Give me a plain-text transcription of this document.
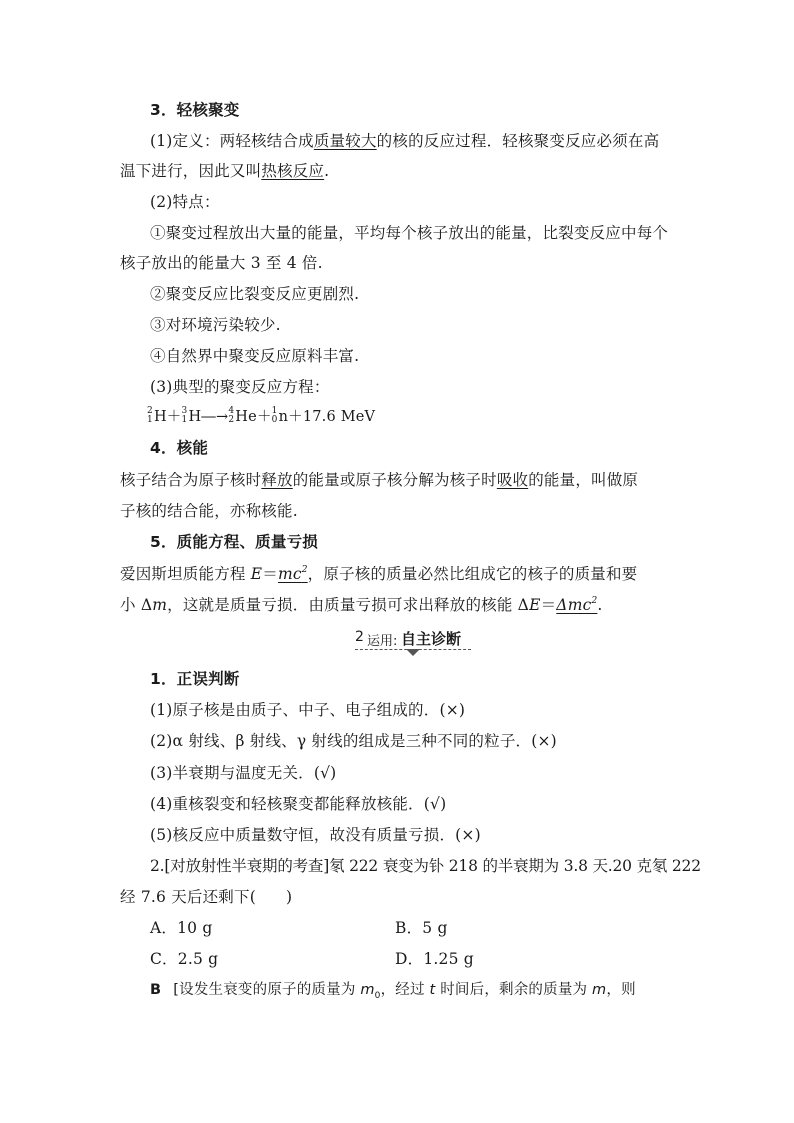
3．轻核聚变
(1)定义：两轻核结合成质量较大的核的反应过程．轻核聚变反应必须在高
温下进行，因此又叫热核反应.
(2)特点：
①聚变过程放出大量的能量，平均每个核子放出的能量，比裂变反应中每个
核子放出的能量大 3 至 4 倍.
②聚变反应比裂变反应更剧烈.
③对环境污染较少.
④自然界中聚变反应原料丰富.
(3)典型的聚变反应方程：
2
1 H＋ 3
1 H―→ 4
2 He＋ 1
0 n＋17.6 MeV
4．核能
核子结合为原子核时释放的能量或原子核分解为核子时吸收的能量，叫做原
子核的结合能，亦称核能.
5．质能方程、质量亏损
爱因斯坦质能方程 $E=mc^2$，原子核的质量必然比组成它的核子的质量和要
小 Δm，这就是质量亏损．由质量亏损可求出释放的核能 ΔE＝Δmc$^2$.
2 运用: 自主诊断
1．正误判断
(1)原子核是由质子、中子、电子组成的．(×)
(2)α 射线、β 射线、γ 射线的组成是三种不同的粒子．(×)
(3)半衰期与温度无关．(√)
(4)重核裂变和轻核聚变都能释放核能．(√)
(5)核反应中质量数守恒，故没有质量亏损．(×)
2.[对放射性半衰期的考查]氡 222 衰变为钋 218 的半衰期为 3.8 天.20 克氡 222
经 7.6 天后还剩下( )
A．10 g	B．5 g
C．2.5 g	D．1.25 g
B [设发生衰变的原子的质量为 $m_0$，经过 t 时间后，剩余的质量为 m，则
